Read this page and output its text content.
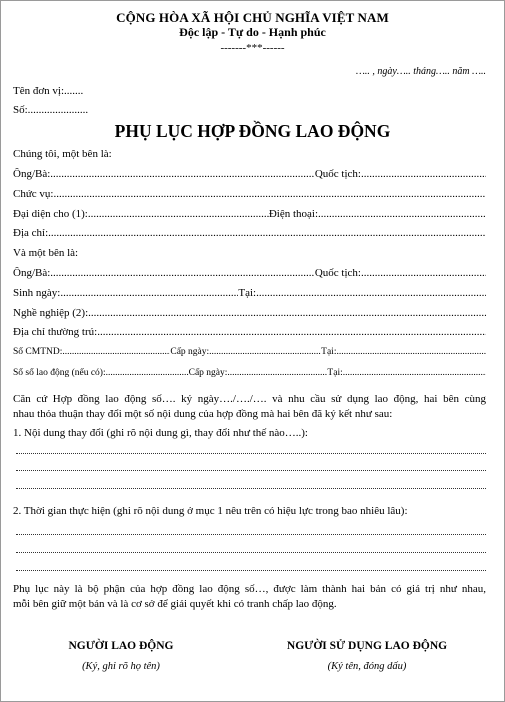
CỘNG HÒA XÃ HỘI CHỦ NGHĨA VIỆT NAM
Độc lập - Tự do - Hạnh phúc
-------***------
….. , ngày….. tháng….. năm …..
Tên đơn vị:.......
Số:......................
PHỤ LỤC HỢP ĐỒNG LAO ĐỘNG
Chúng tôi, một bên là:
Ông/Bà: .....	Quốc tịch:
.....
Chức vụ:
.....
Đại diện cho (1): .....	Điện thoại:
.....
Địa chỉ:
.....
Và một bên là:
Ông/Bà: .....	Quốc tịch:
.....
Sinh ngày: .....	Tại:
.....
Nghề nghiệp (2):
.....
Địa chỉ thường trú:
.....
Số CMTND: .....	Cấp ngày: .....	Tại:
.....
Sổ sổ lao động (nếu có): .....	Cấp ngày: .....	Tại:
.....
Căn cứ Hợp đồng lao động số…. ký ngày…./…./…. và nhu cầu sử dụng lao động, hai bên cùng
nhau thỏa thuận thay đổi một số nội dung của hợp đồng mà hai bên đã ký kết như sau:
1. Nội dung thay đổi (ghi rõ nội dung gì, thay đổi như thế nào…..):
2. Thời gian thực hiện (ghi rõ nội dung ở mục 1 nêu trên có hiệu lực trong bao nhiêu lâu):
Phụ lục này là bộ phận của hợp đồng lao động số…, được làm thành hai bản có giá trị như nhau,
mỗi bên giữ một bản và là cơ sở để giải quyết khi có tranh chấp lao động.
NGƯỜI LAO ĐỘNG
(Ký, ghi rõ họ tên)
NGƯỜI SỬ DỤNG LAO ĐỘNG
(Ký tên, đóng dấu)
